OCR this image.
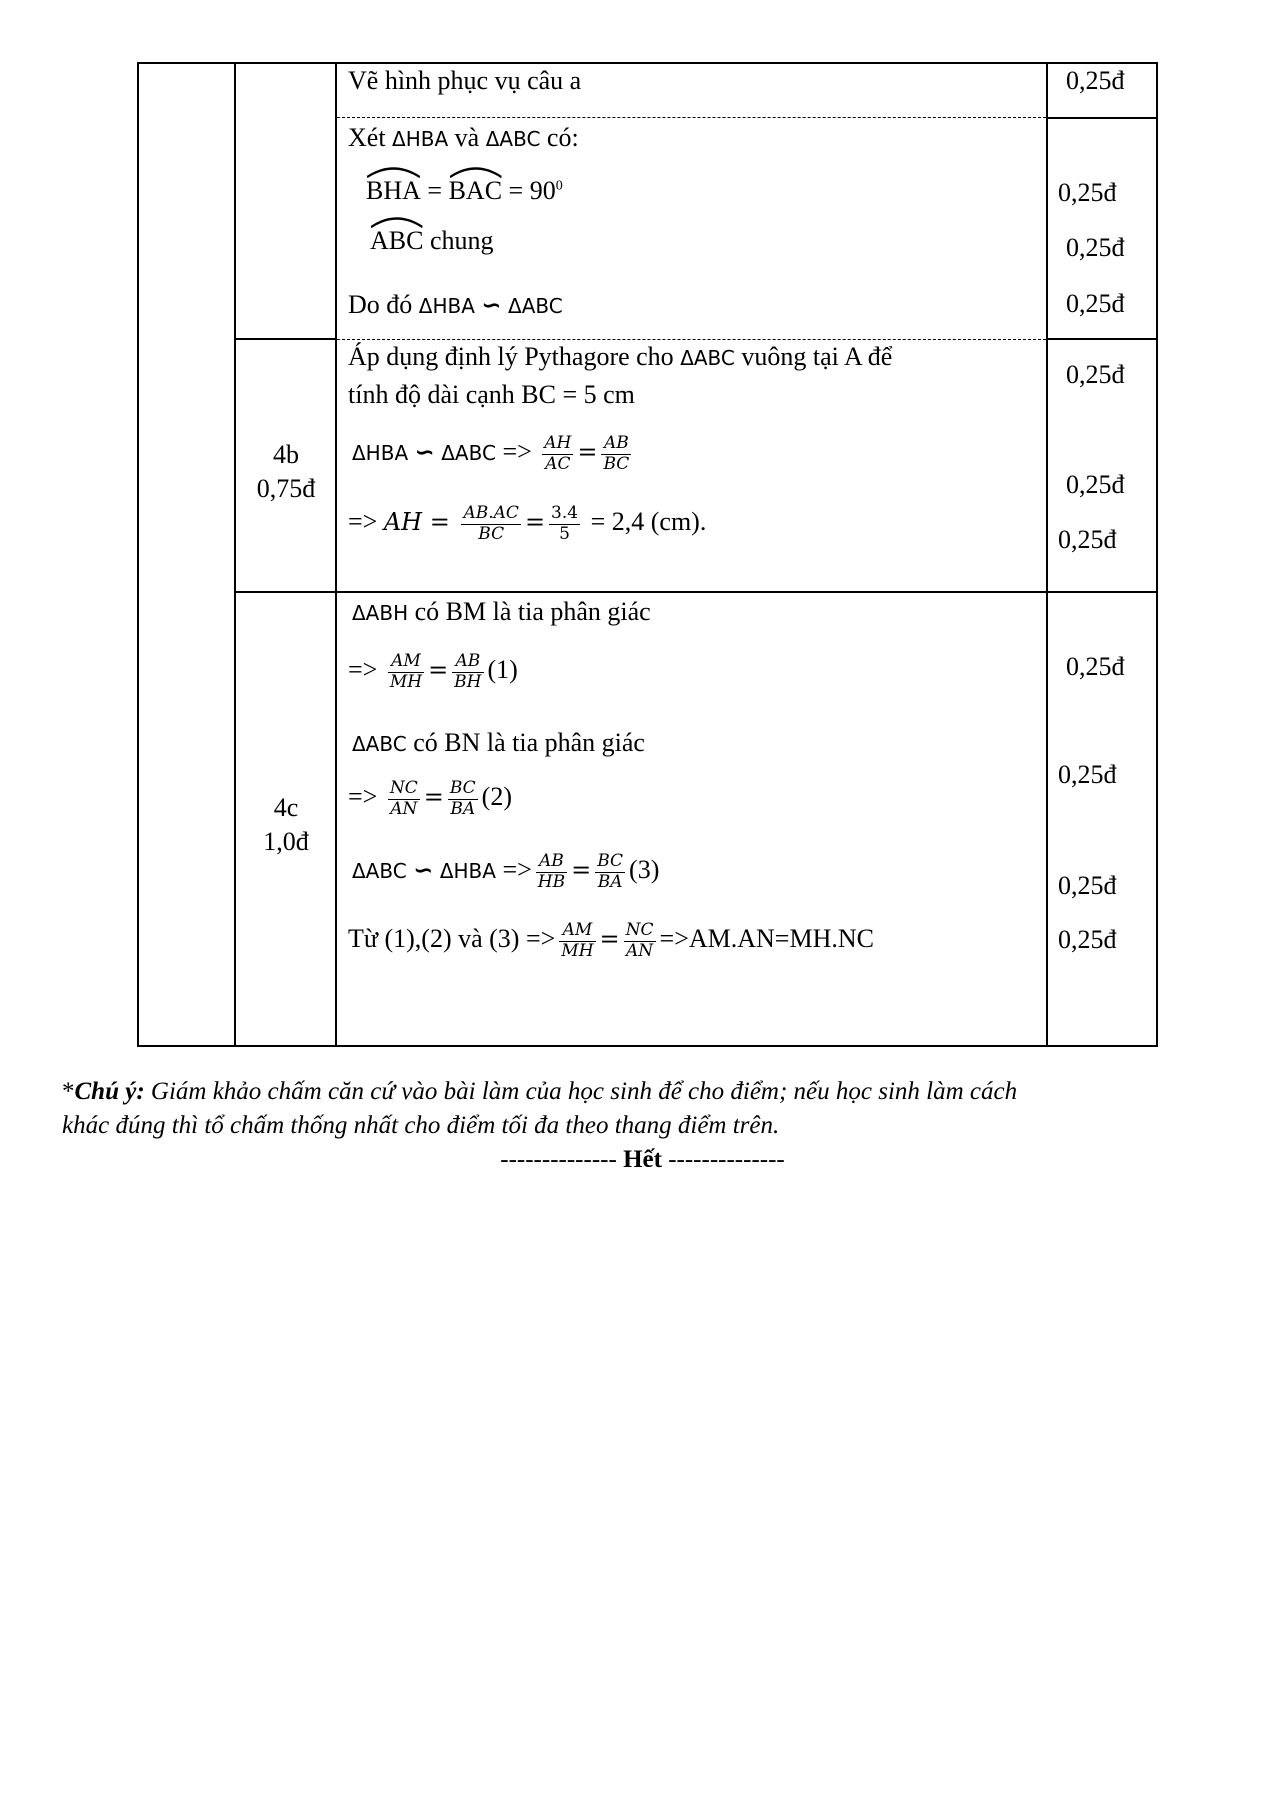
Vẽ hình phục vụ câu a	0,25đ
Xét ΔHBA và ΔABC có:
BHA =
BAC = $90^0$
ABC chung
Do đó ΔHBA ∽ ΔABC
0,25đ
0,25đ
0,25đ
4b
0,75đ
Áp dụng định lý Pythagore cho ΔABC vuông tại A để
tính độ dài cạnh BC = 5 cm
ΔHBA ∽ $\Delta ABC => \frac{AH}{AC} = \frac{AB}{BC}$
=> AH = $\frac{AB.AC}{BC} = \frac{3.4}{5} = 2,4$ (cm).
0,25đ
0,25đ
0,25đ
4c
1,0đ
ΔABH có BM là tia phân giác
=> $\frac{AM}{MH} = \frac{AB}{BH} (1)$
ΔABC có BN là tia phân giác
=> $\frac{NC}{AN} = \frac{BC}{BA} (2)$
ΔABC ∽ $\Delta HBA => \frac{AB}{HB} = \frac{BC}{BA} (3)$
Từ (1),(2) và $(3) => \frac{AM}{MH} = \frac{NC}{AN} =>AM.AN=MH.NC$
0,25đ
0,25đ
0,25đ
0,25đ
*Chú ý: Giám khảo chấm căn cứ vào bài làm của học sinh để cho điểm; nếu học sinh làm cách
khác đúng thì tổ chấm thống nhất cho điểm tối đa theo thang điểm trên.
-------------- Hết --------------
